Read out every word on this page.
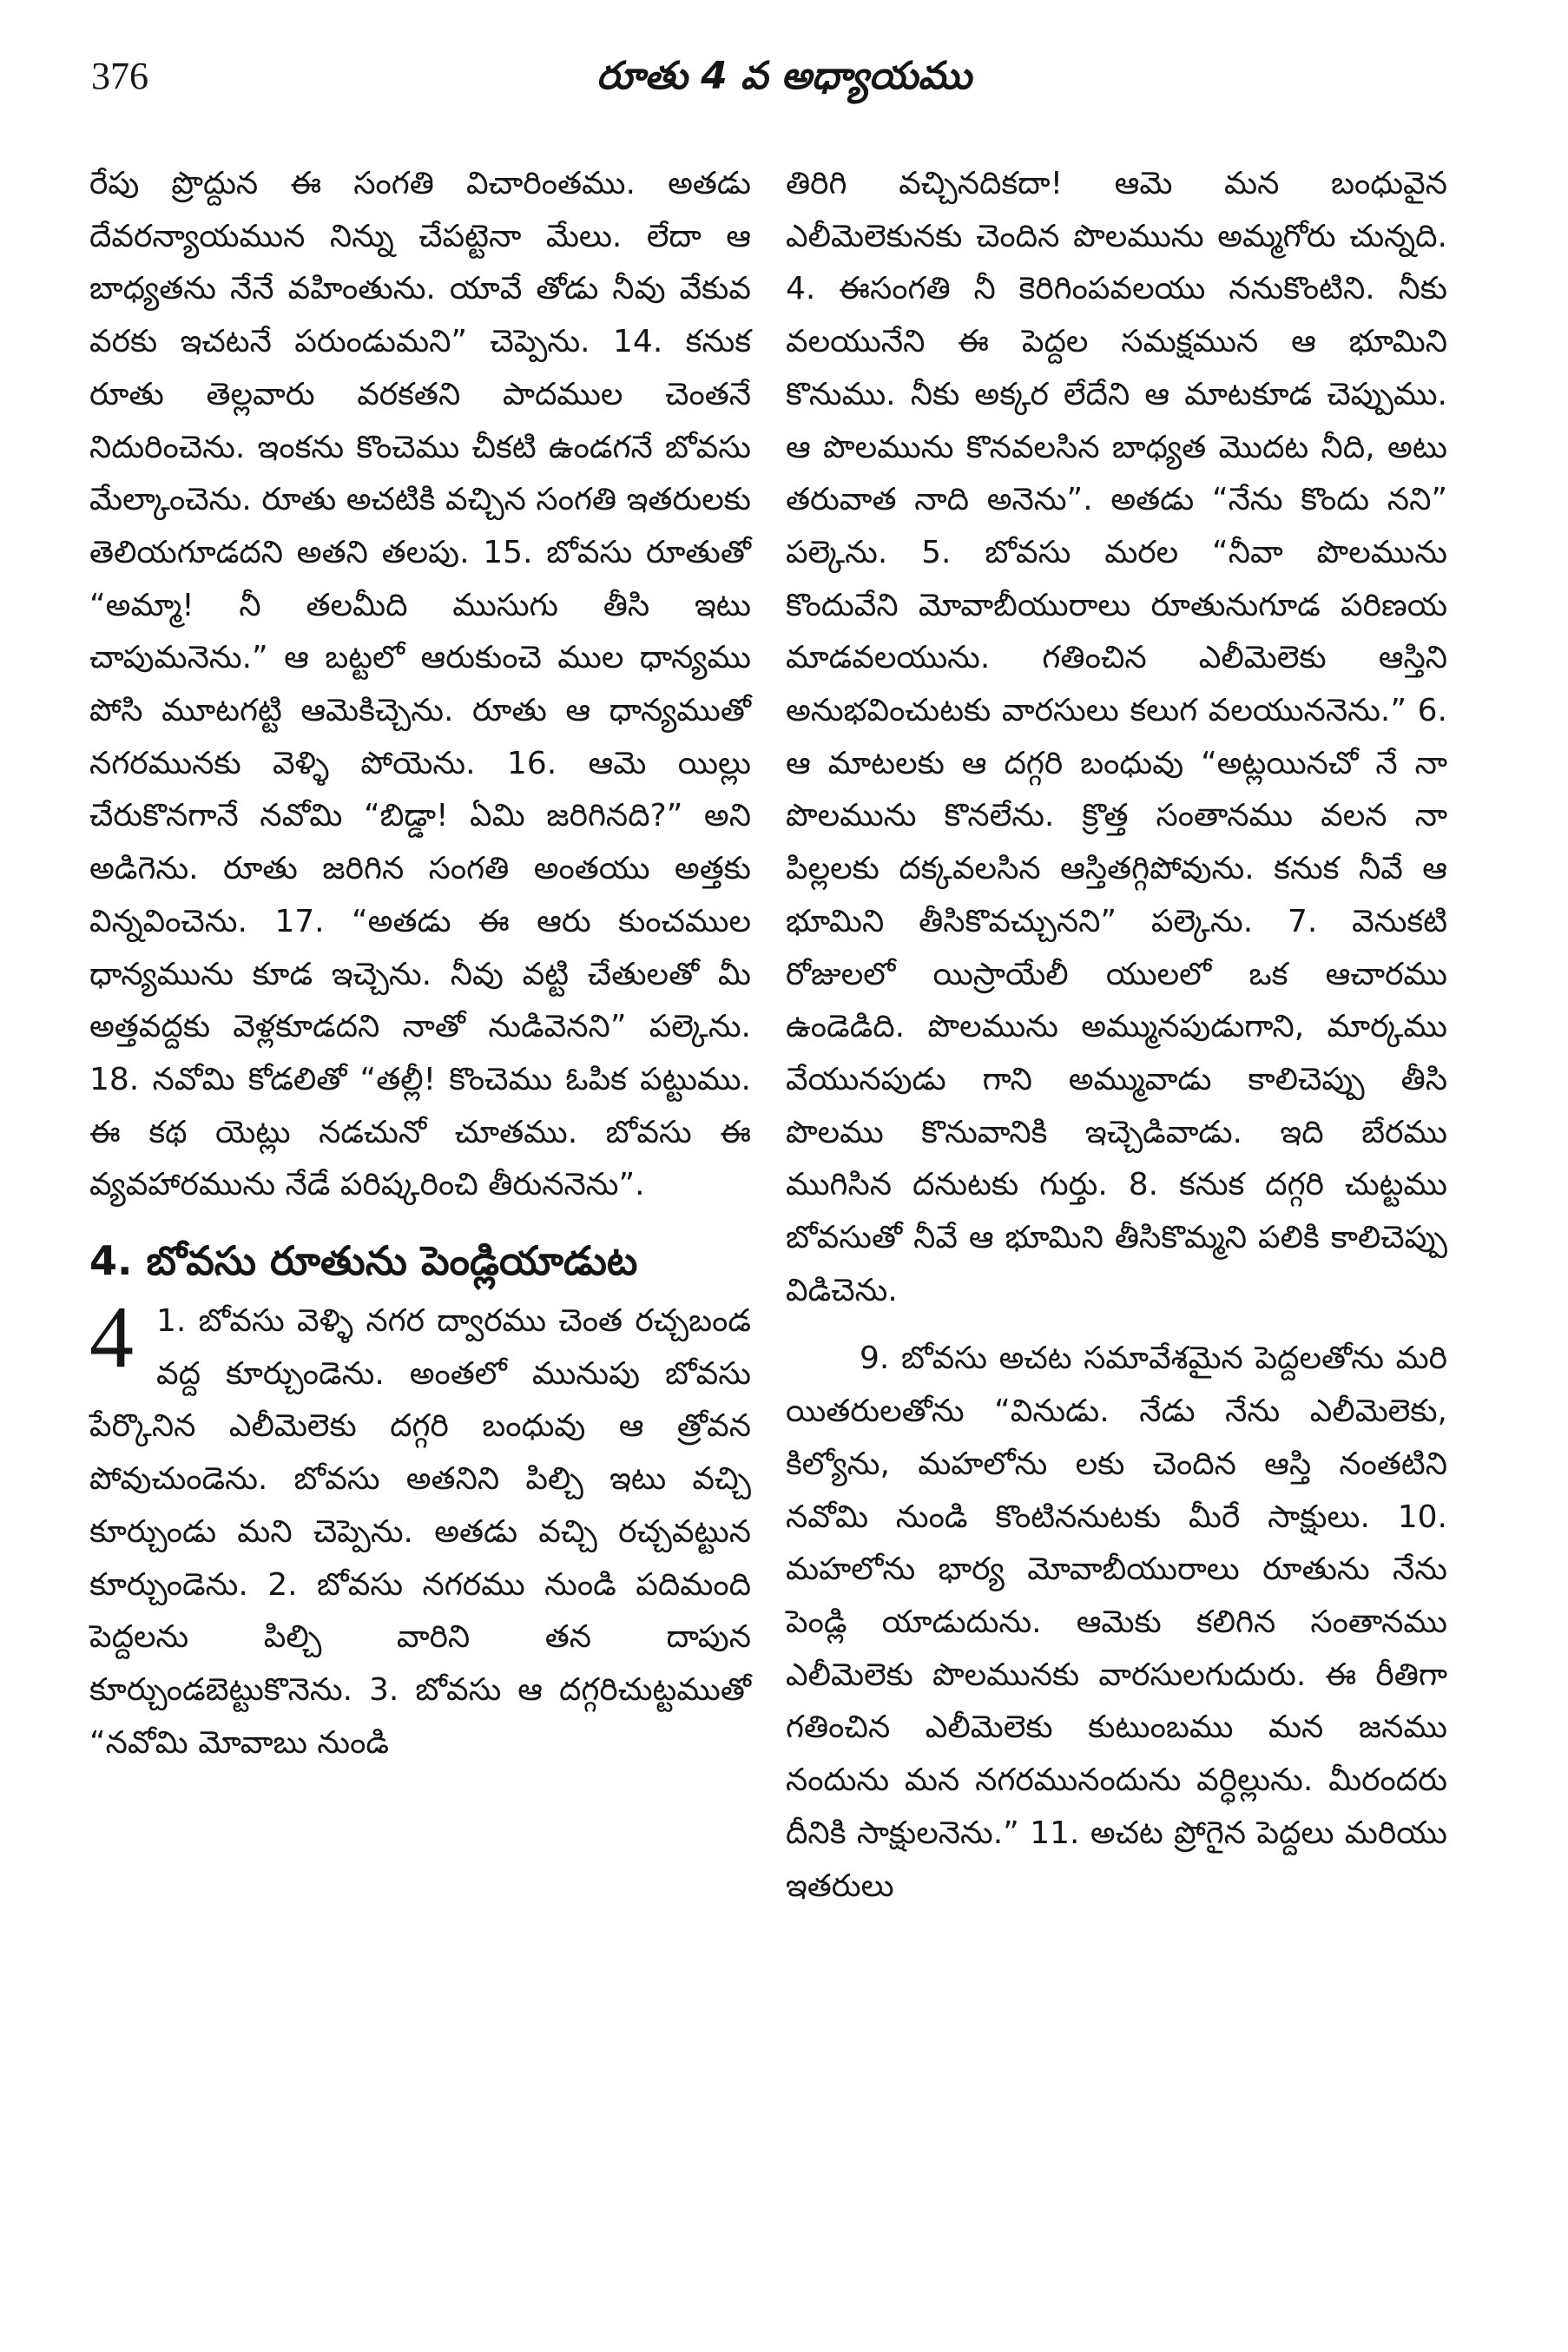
376	రూతు 4 వ అధ్యాయము

రేపు ప్రొద్దున ఈ సంగతి విచారింతము. అతడు దేవరన్యాయమున నిన్ను చేపట్టెనా మేలు. లేదా ఆ బాధ్యతను నేనే వహింతును. యావే తోడు నీవు వేకువ వరకు ఇచటనే పరుండుమని” చెప్పెను. 14. కనుక రూతు తెల్లవారు వరకతని పాదముల చెంతనే నిదురించెను. ఇంకను కొంచెము చీకటి ఉండగనే బోవసు మేల్కాంచెను. రూతు అచటికి వచ్చిన సంగతి ఇతరులకు తెలియగూడదని అతని తలపు. 15. బోవసు రూతుతో “అమ్మా! నీ తలమీది ముసుగు తీసి ఇటు చాపుమనెను.” ఆ బట్టలో ఆరుకుంచె ముల ధాన్యము పోసి మూటగట్టి ఆమెకిచ్చెను. రూతు ఆ ధాన్యముతో నగరమునకు వెళ్ళి పోయెను. 16. ఆమె యిల్లు చేరుకొనగానే నవోమి “బిడ్డా! ఏమి జరిగినది?” అని అడిగెను. రూతు జరిగిన సంగతి అంతయు అత్తకు విన్నవించెను. 17. “అతడు ఈ ఆరు కుంచముల ధాన్యమును కూడ ఇచ్చెను. నీవు వట్టి చేతులతో మీ అత్తవద్దకు వెళ్లకూడదని నాతో నుడివెనని” పల్కెను. 18. నవోమి కోడలితో “తల్లీ! కొంచెము ఓపిక పట్టుము. ఈ కథ యెట్లు నడచునో చూతము. బోవసు ఈ వ్యవహారమును నేడే పరిష్కరించి తీరుననెను”.

4. బోవసు రూతును పెండ్లియాడుట

4 1. బోవసు వెళ్ళి నగర ద్వారము చెంత రచ్చబండ వద్ద కూర్చుండెను. అంతలో మునుపు బోవసు పేర్కొనిన ఎలీమెలెకు దగ్గరి బంధువు ఆ త్రోవన పోవుచుండెను. బోవసు అతనిని పిల్చి ఇటు వచ్చి కూర్చుండు మని చెప్పెను. అతడు వచ్చి రచ్చవట్టున కూర్చుండెను. 2. బోవసు నగరము నుండి పదిమంది పెద్దలను పిల్చి వారిని తన దాపున కూర్చుండబెట్టుకొనెను. 3. బోవసు ఆ దగ్గరిచుట్టముతో “నవోమి మోవాబు నుండి

తిరిగి వచ్చినదికదా! ఆమె మన బంధువైన ఎలీమెలెకునకు చెందిన పొలమును అమ్మగోరు చున్నది. 4. ఈసంగతి నీ కెరిగింపవలయు ననుకొంటిని. నీకు వలయునేని ఈ పెద్దల సమక్షమున ఆ భూమిని కొనుము. నీకు అక్కర లేదేని ఆ మాటకూడ చెప్పుము. ఆ పొలమును కొనవలసిన బాధ్యత మొదట నీది, అటు తరువాత నాది అనెను”. అతడు “నేను కొందు నని” పల్కెను. 5. బోవసు మరల “నీవా పొలమును కొందువేని మోవాబీయురాలు రూతునుగూడ పరిణయ మాడవలయును. గతించిన ఎలీమెలెకు ఆస్తిని అనుభవించుటకు వారసులు కలుగ వలయుననెను.” 6. ఆ మాటలకు ఆ దగ్గరి బంధువు “అట్లయినచో నే నా పొలమును కొనలేను. క్రొత్త సంతానము వలన నా పిల్లలకు దక్కవలసిన ఆస్తితగ్గిపోవును. కనుక నీవే ఆ భూమిని తీసికొవచ్చునని” పల్కెను. 7. వెనుకటి రోజులలో యిస్రాయేలీ యులలో ఒక ఆచారము ఉండెడిది. పొలమును అమ్మునపుడుగాని, మార్కము వేయునపుడు గాని అమ్మువాడు కాలిచెప్పు తీసి పొలము కొనువానికి ఇచ్చెడివాడు. ఇది బేరము ముగిసిన దనుటకు గుర్తు. 8. కనుక దగ్గరి చుట్టము బోవసుతో నీవే ఆ భూమిని తీసికొమ్మని పలికి కాలిచెప్పు విడిచెను.

9. బోవసు అచట సమావేశమైన పెద్దలతోను మరి యితరులతోను “వినుడు. నేడు నేను ఎలీమెలెకు, కిల్యోను, మహలోను లకు చెందిన ఆస్తి నంతటిని నవోమి నుండి కొంటిననుటకు మీరే సాక్షులు. 10. మహలోను భార్య మోవాబీయురాలు రూతును నేను పెండ్లి యాడుదును. ఆమెకు కలిగిన సంతానము ఎలీమెలెకు పొలమునకు వారసులగుదురు. ఈ రీతిగా గతించిన ఎలీమెలెకు కుటుంబము మన జనము నందును మన నగరమునందును వర్ధిల్లును. మీరందరు దీనికి సాక్షులనెను.” 11. అచట ప్రోగైన పెద్దలు మరియు ఇతరులు
